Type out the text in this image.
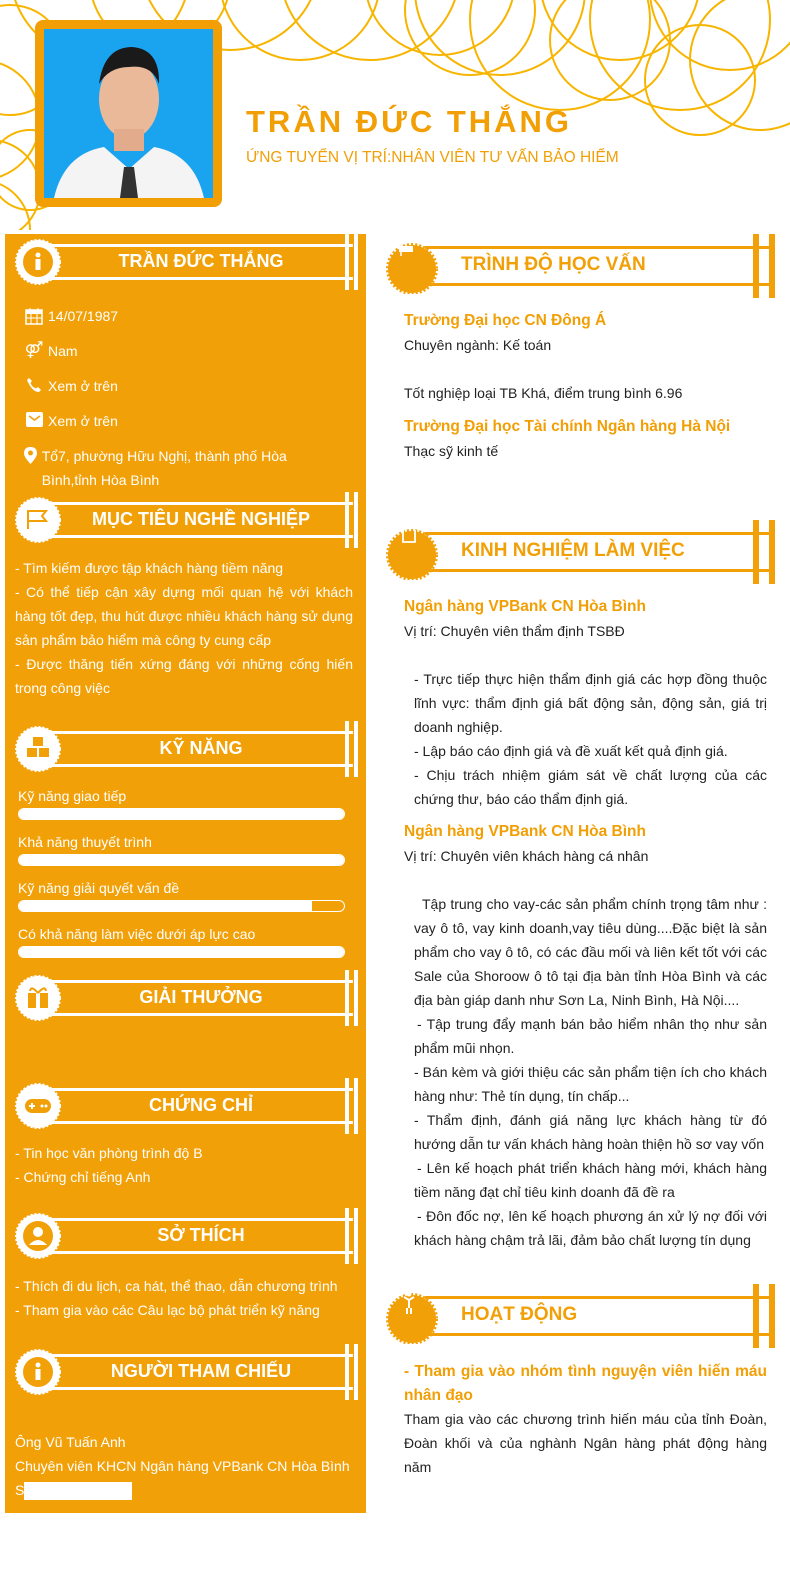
TRẦN ĐỨC THẮNG
ỨNG TUYỂN VỊ TRÍ:NHÂN VIÊN TƯ VẤN BẢO HIỂM
TRẦN ĐỨC THẮNG
14/07/1987
⚤ Nam
Xem ở trên
Xem ở trên
Tổ7, phường Hữu Nghị, thành phố Hòa Bình,tỉnh Hòa Bình
MỤC TIÊU NGHỀ NGHIỆP
- Tìm kiếm được tập khách hàng tiềm năng
- Có thể tiếp cận xây dựng mối quan hệ với khách hàng tốt đẹp, thu hút được nhiều khách hàng sử dụng sản phẩm bảo hiểm mà công ty cung cấp
- Được thăng tiến xứng đáng với những cống hiến trong công việc
KỸ NĂNG
Kỹ năng giao tiếp
Khả năng thuyết trình
Kỹ năng giải quyết vấn đề
Có khả năng làm việc dưới áp lực cao
GIẢI THƯỞNG
CHỨNG CHỈ
- Tin học văn phòng trình độ B
- Chứng chỉ tiếng Anh
SỞ THÍCH
- Thích đi du lịch, ca hát, thể thao, dẫn chương trình
- Tham gia vào các Câu lạc bộ phát triển kỹ năng
NGƯỜI THAM CHIẾU
Ông Vũ Tuấn Anh
Chuyên viên KHCN Ngân hàng VPBank CN Hòa Bình
S
TRÌNH ĐỘ HỌC VẤN
Trường Đại học CN Đông Á
Chuyên ngành: Kế toán
Tốt nghiệp loại TB Khá, điểm trung bình 6.96
Trường Đại học Tài chính Ngân hàng Hà Nội
Thạc sỹ kinh tế
KINH NGHIỆM LÀM VIỆC
Ngân hàng VPBank CN Hòa Bình
Vị trí: Chuyên viên thẩm định TSBĐ
- Trực tiếp thực hiện thẩm định giá các hợp đồng thuộc lĩnh vực: thẩm định giá bất động sản, động sản, giá trị doanh nghiệp.
- Lập báo cáo định giá và đề xuất kết quả định giá.
- Chịu trách nhiệm giám sát về chất lượng của các chứng thư, báo cáo thẩm định giá.
Ngân hàng VPBank CN Hòa Bình
Vị trí: Chuyên viên khách hàng cá nhân
Tập trung cho vay-các sản phẩm chính trọng tâm như : vay ô tô, vay kinh doanh,vay tiêu dùng....Đặc biệt là sản phẩm cho vay ô tô, có các đầu mối và liên kết tốt với các Sale của Shoroow ô tô tại địa bàn tỉnh Hòa Bình và các địa bàn giáp danh như Sơn La, Ninh Bình, Hà Nội....
- Tập trung đẩy mạnh bán bảo hiểm nhân thọ như sản phẩm mũi nhọn.
- Bán kèm và giới thiệu các sản phẩm tiện ích cho khách hàng như: Thẻ tín dụng, tín chấp...
- Thẩm định, đánh giá năng lực khách hàng từ đó hướng dẫn tư vấn khách hàng hoàn thiện hồ sơ vay vốn
- Lên kế hoạch phát triển khách hàng mới, khách hàng tiềm năng đạt chỉ tiêu kinh doanh đã đề ra
- Đôn đốc nợ, lên kế hoạch phương án xử lý nợ đối với khách hàng chậm trả lãi, đảm bảo chất lượng tín dụng
HOẠT ĐỘNG
- Tham gia vào nhóm tình nguyện viên hiến máu nhân đạo
Tham gia vào các chương trình hiến máu của tỉnh Đoàn, Đoàn khối và của nghành Ngân hàng phát động hàng năm
